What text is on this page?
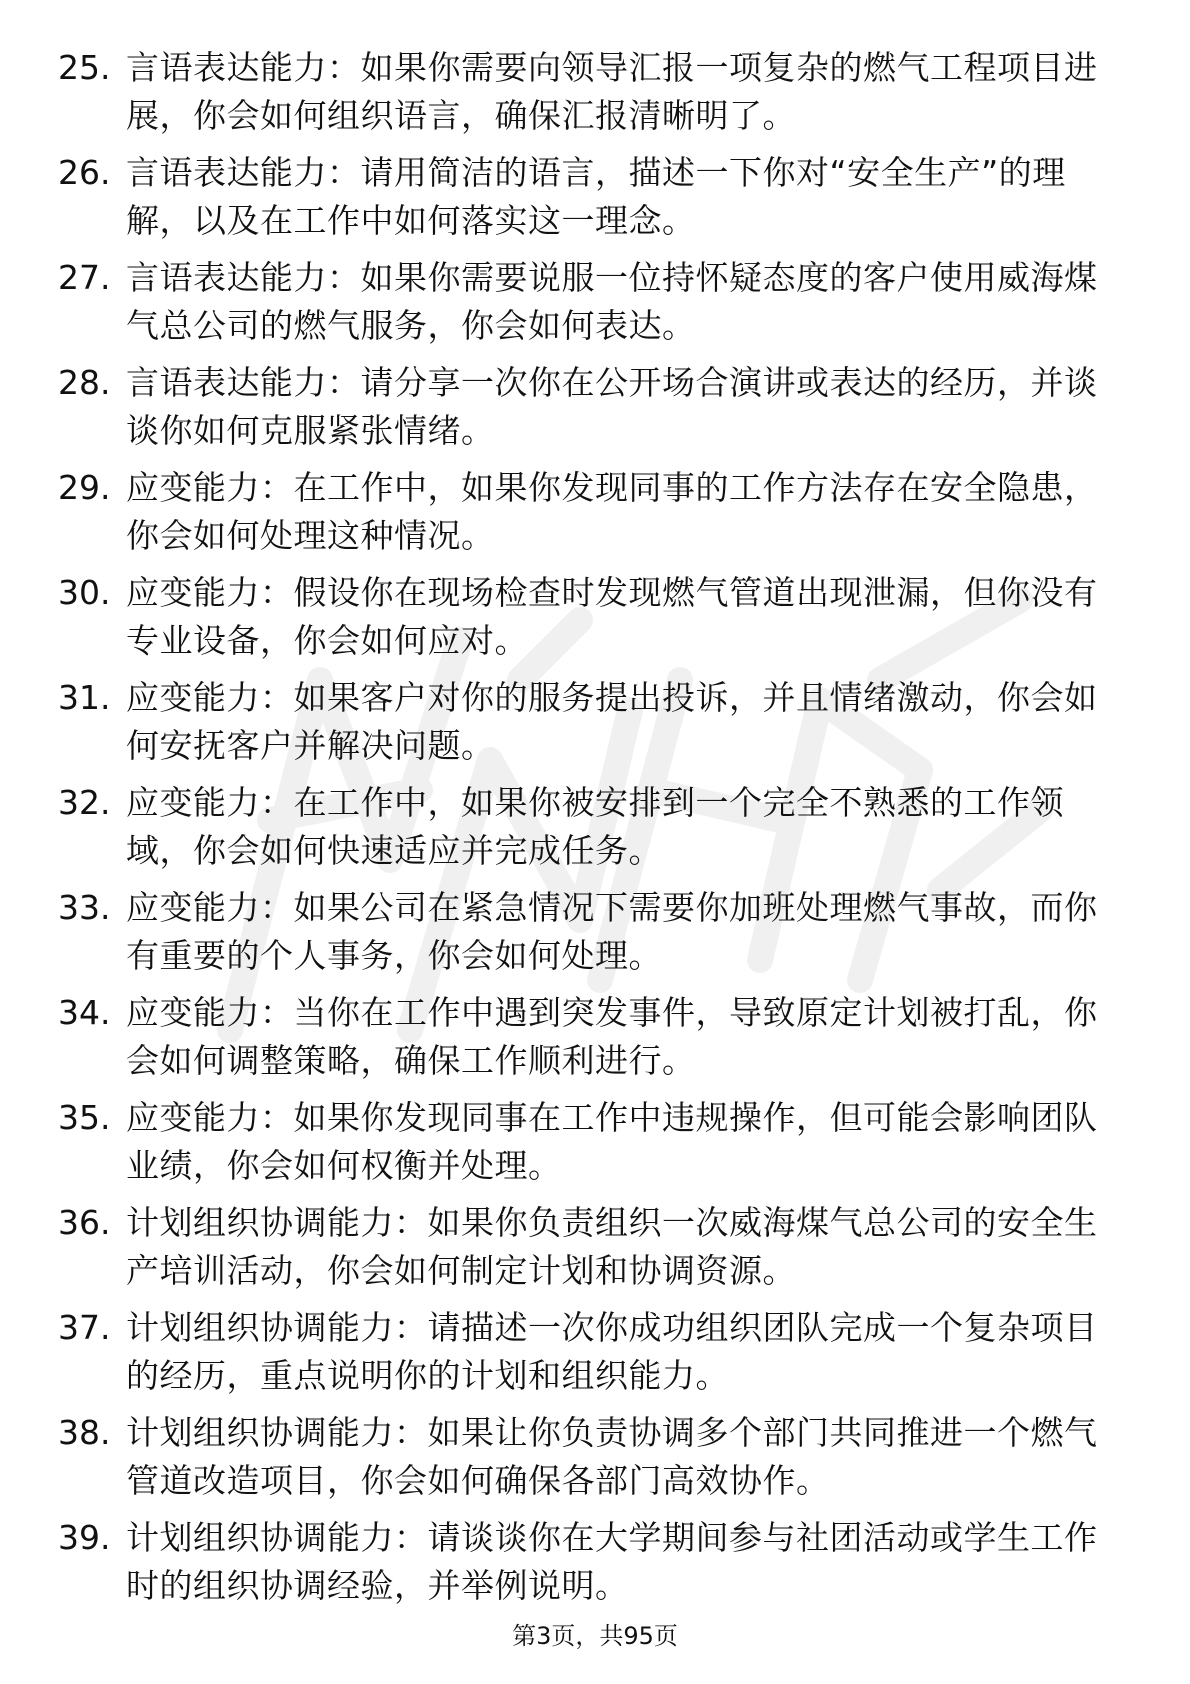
25. 言语表达能力：如果你需要向领导汇报一项复杂的燃气工程项目进展，你会如何组织语言，确保汇报清晰明了。
26. 言语表达能力：请用简洁的语言，描述一下你对“安全生产”的理解，以及在工作中如何落实这一理念。
27. 言语表达能力：如果你需要说服一位持怀疑态度的客户使用威海煤气总公司的燃气服务，你会如何表达。
28. 言语表达能力：请分享一次你在公开场合演讲或表达的经历，并谈谈你如何克服紧张情绪。
29. 应变能力：在工作中，如果你发现同事的工作方法存在安全隐患，你会如何处理这种情况。
30. 应变能力：假设你在现场检查时发现燃气管道出现泄漏，但你没有专业设备，你会如何应对。
31. 应变能力：如果客户对你的服务提出投诉，并且情绪激动，你会如何安抚客户并解决问题。
32. 应变能力：在工作中，如果你被安排到一个完全不熟悉的工作领域，你会如何快速适应并完成任务。
33. 应变能力：如果公司在紧急情况下需要你加班处理燃气事故，而你有重要的个人事务，你会如何处理。
34. 应变能力：当你在工作中遇到突发事件，导致原定计划被打乱，你会如何调整策略，确保工作顺利进行。
35. 应变能力：如果你发现同事在工作中违规操作，但可能会影响团队业绩，你会如何权衡并处理。
36. 计划组织协调能力：如果你负责组织一次威海煤气总公司的安全生产培训活动，你会如何制定计划和协调资源。
37. 计划组织协调能力：请描述一次你成功组织团队完成一个复杂项目的经历，重点说明你的计划和组织能力。
38. 计划组织协调能力：如果让你负责协调多个部门共同推进一个燃气管道改造项目，你会如何确保各部门高效协作。
39. 计划组织协调能力：请谈谈你在大学期间参与社团活动或学生工作时的组织协调经验，并举例说明。
第3页，共95页
